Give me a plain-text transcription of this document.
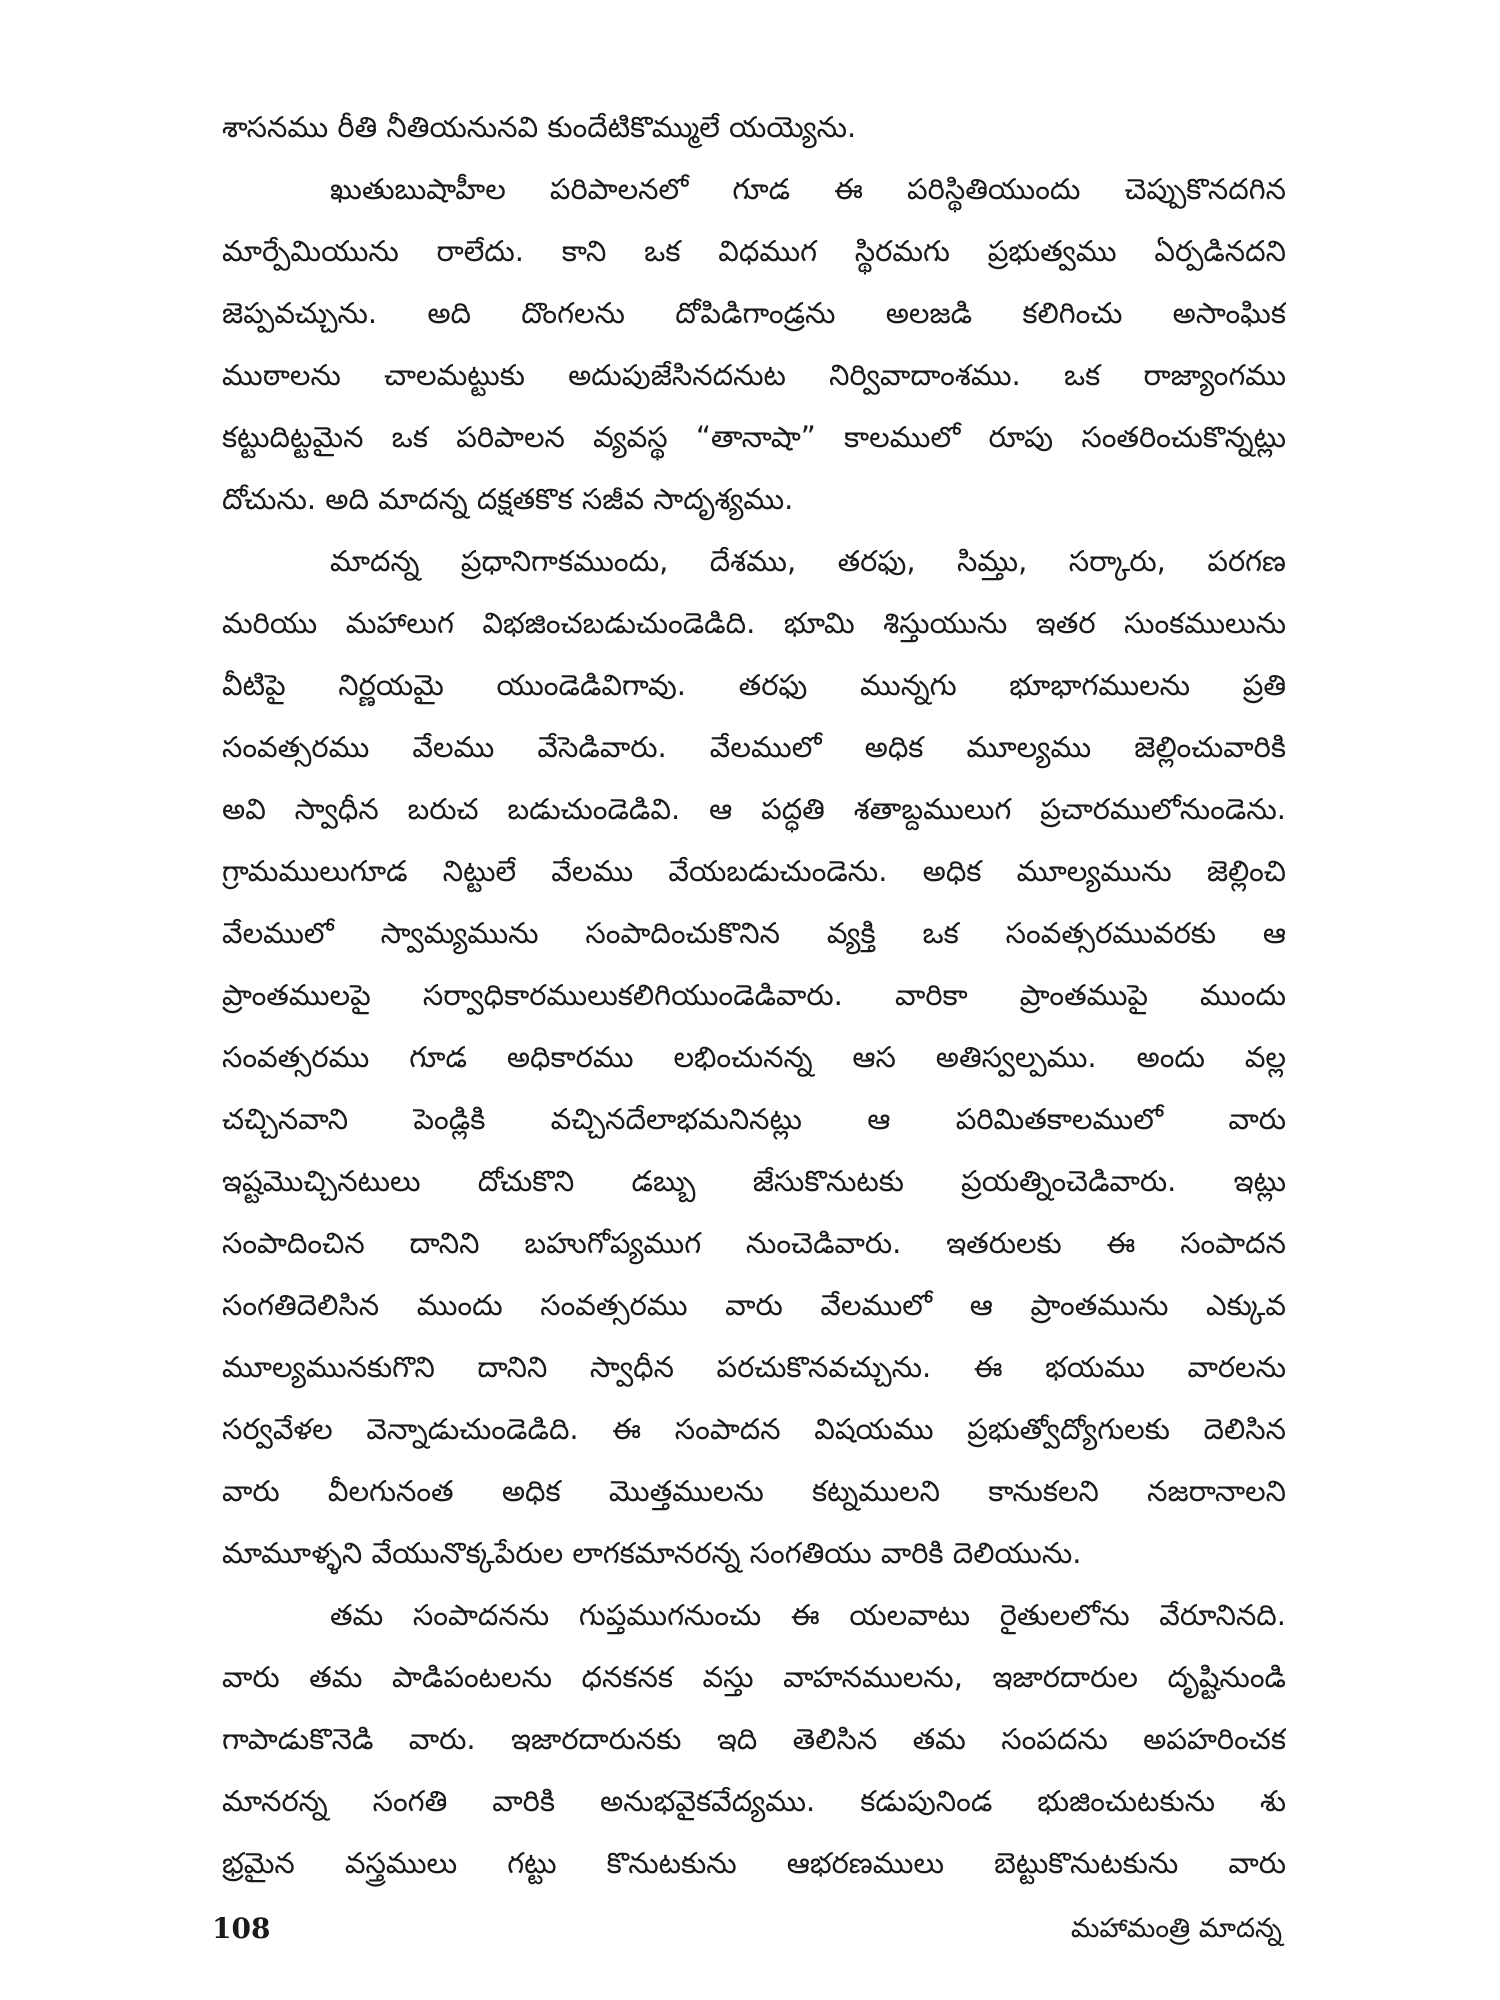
శాసనము రీతి నీతియనునవి కుందేటికొమ్ములే యయ్యెను.
ఖుతుబుషాహీల పరిపాలనలో గూడ ఈ పరిస్థితియుందు చెప్పుకొనదగిన
మార్పేమియును రాలేదు. కాని ఒక విధముగ స్థిరమగు ప్రభుత్వము ఏర్పడినదని
జెప్పవచ్చును. అది దొంగలను దోపిడిగాండ్రను అలజడి కలిగించు అసాంఘిక
ముఠాలను చాలమట్టుకు అదుపుజేసినదనుట నిర్వివాదాంశము. ఒక రాజ్యాంగము
కట్టుదిట్టమైన ఒక పరిపాలన వ్యవస్థ “తానాషా” కాలములో రూపు సంతరించుకొన్నట్లు
దోచును. అది మాదన్న దక్షతకొక సజీవ సాదృశ్యము.
మాదన్న ప్రధానిగాకముందు, దేశము, తరఫు, సిమ్తు, సర్కారు, పరగణ
మరియు మహాలుగ విభజించబడుచుండెడిది. భూమి శిస్తుయును ఇతర సుంకములును
వీటిపై నిర్ణయమై యుండెడివిగావు. తరఫు మున్నగు భూభాగములను ప్రతి
సంవత్సరము వేలము వేసెడివారు. వేలములో అధిక మూల్యము జెల్లించువారికి
అవి స్వాధీన బరుచ బడుచుండెడివి. ఆ పద్ధతి శతాబ్దములుగ ప్రచారములోనుండెను.
గ్రామములుగూడ నిట్టులే వేలము వేయబడుచుండెను. అధిక మూల్యమును జెల్లించి
వేలములో స్వామ్యమును సంపాదించుకొనిన వ్యక్తి ఒక సంవత్సరమువరకు ఆ
ప్రాంతములపై సర్వాధికారములుకలిగియుండెడివారు. వారికా ప్రాంతముపై ముందు
సంవత్సరము గూడ అధికారము లభించునన్న ఆస అతిస్వల్పము. అందు వల్ల
చచ్చినవాని పెండ్లికి వచ్చినదేలాభమనినట్లు ఆ పరిమితకాలములో వారు
ఇష్టమొచ్చినటులు దోచుకొని డబ్బు జేసుకొనుటకు ప్రయత్నించెడివారు. ఇట్లు
సంపాదించిన దానిని బహుగోప్యముగ నుంచెడివారు. ఇతరులకు ఈ సంపాదన
సంగతిదెలిసిన ముందు సంవత్సరము వారు వేలములో ఆ ప్రాంతమును ఎక్కువ
మూల్యమునకుగొని దానిని స్వాధీన పరచుకొనవచ్చును. ఈ భయము వారలను
సర్వవేళల వెన్నాడుచుండెడిది. ఈ సంపాదన విషయము ప్రభుత్వోద్యోగులకు దెలిసిన
వారు వీలగునంత అధిక మొత్తములను కట్నములని కానుకలని నజరానాలని
మామూళ్ళని వేయునొక్కపేరుల లాగకమానరన్న సంగతియు వారికి దెలియును.
తమ సంపాదనను గుప్తముగనుంచు ఈ యలవాటు రైతులలోను వేరూనినది.
వారు తమ పాడిపంటలను ధనకనక వస్తు వాహనములను, ఇజారదారుల దృష్టినుండి
గాపాడుకొనెడి వారు. ఇజారదారునకు ఇది తెలిసిన తమ సంపదను అపహరించక
మానరన్న సంగతి వారికి అనుభవైకవేద్యము. కడుపునిండ భుజించుటకును శు
భ్రమైన వస్త్రములు గట్టు కొనుటకును ఆభరణములు బెట్టుకొనుటకును వారు
108	మహామంత్రి మాదన్న
